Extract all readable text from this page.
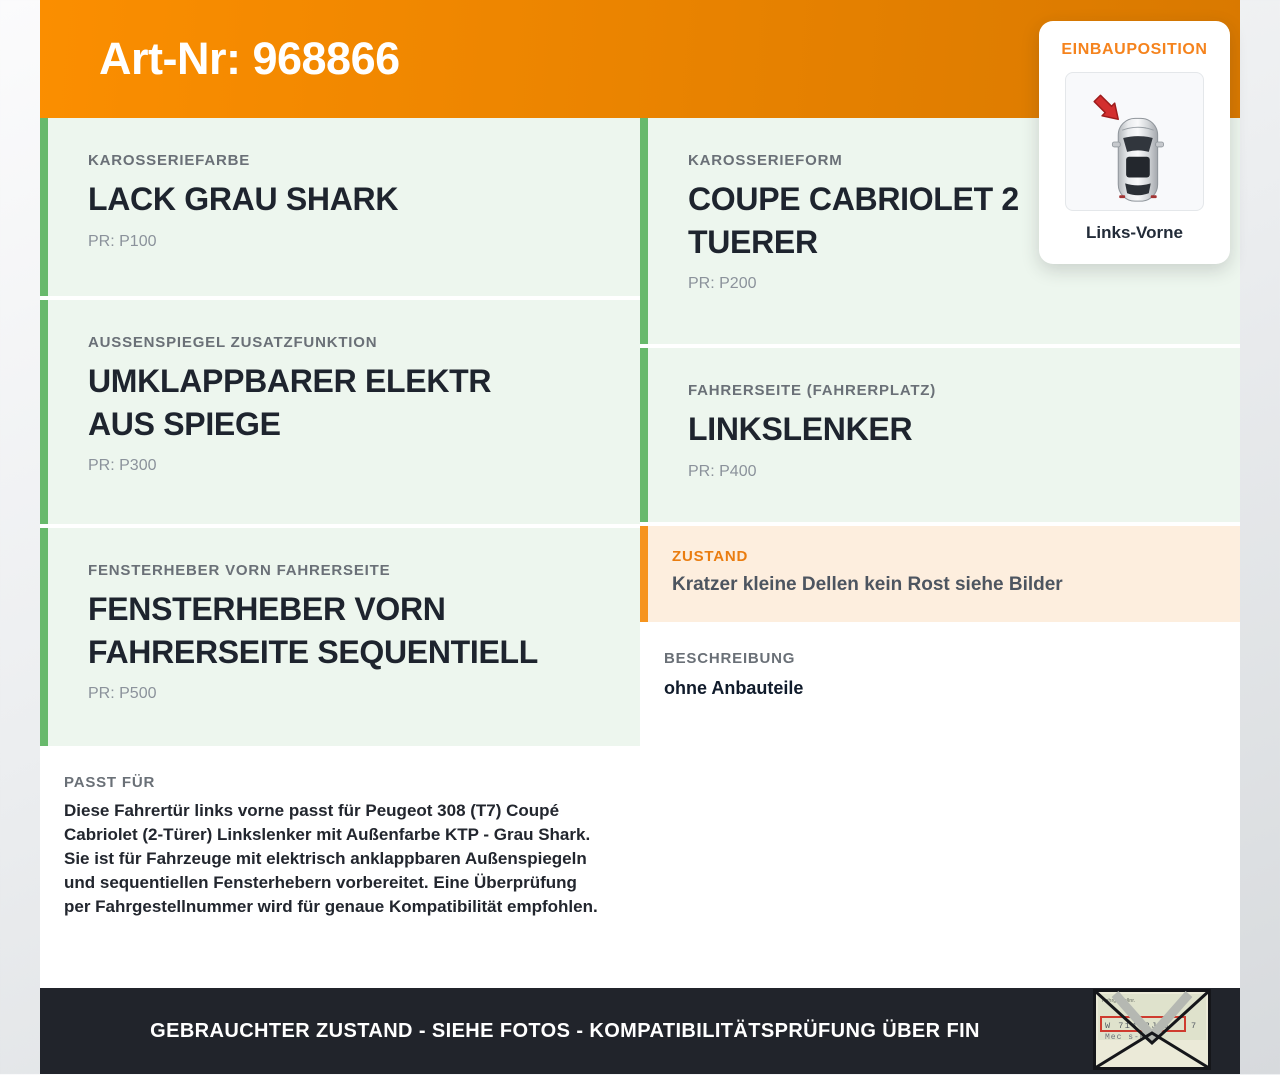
Art-Nr: 968866
KAROSSERIEFARBE
LACK GRAU SHARK
PR: P100
AUSSENSPIEGEL ZUSATZFUNKTION
UMKLAPPBARER ELEKTR AUS SPIEGE
PR: P300
FENSTERHEBER VORN FAHRERSEITE
FENSTERHEBER VORN FAHRERSEITE SEQUENTIELL
PR: P500
PASST FÜR

Diese Fahrertür links vorne passt für Peugeot 308 (T7) Coupé Cabriolet (2-Türer) Linkslenker mit Außenfarbe KTP - Grau Shark. Sie ist für Fahrzeuge mit elektrisch anklappbaren Außenspiegeln und sequentiellen Fensterhebern vorbereitet. Eine Überprüfung per Fahrgestellnummer wird für genaue Kompatibilität empfohlen.

KAROSSERIEFORM
COUPE CABRIOLET 2 TUERER
PR: P200
FAHRERSEITE (FAHRERPLATZ)
LINKSLENKER
PR: P400
ZUSTAND
Kratzer kleine Dellen kein Rost siehe Bilder
BESCHREIBUNG
ohne Anbauteile
GEBRAUCHTER ZUSTAND - SIEHE FOTOS - KOMPATIBILITÄTSPRÜFUNG ÜBER FIN
Fahrgestellnr.
W 71463J31 7
Mec s-Benz
EINBAUPOSITION
Links-Vorne
